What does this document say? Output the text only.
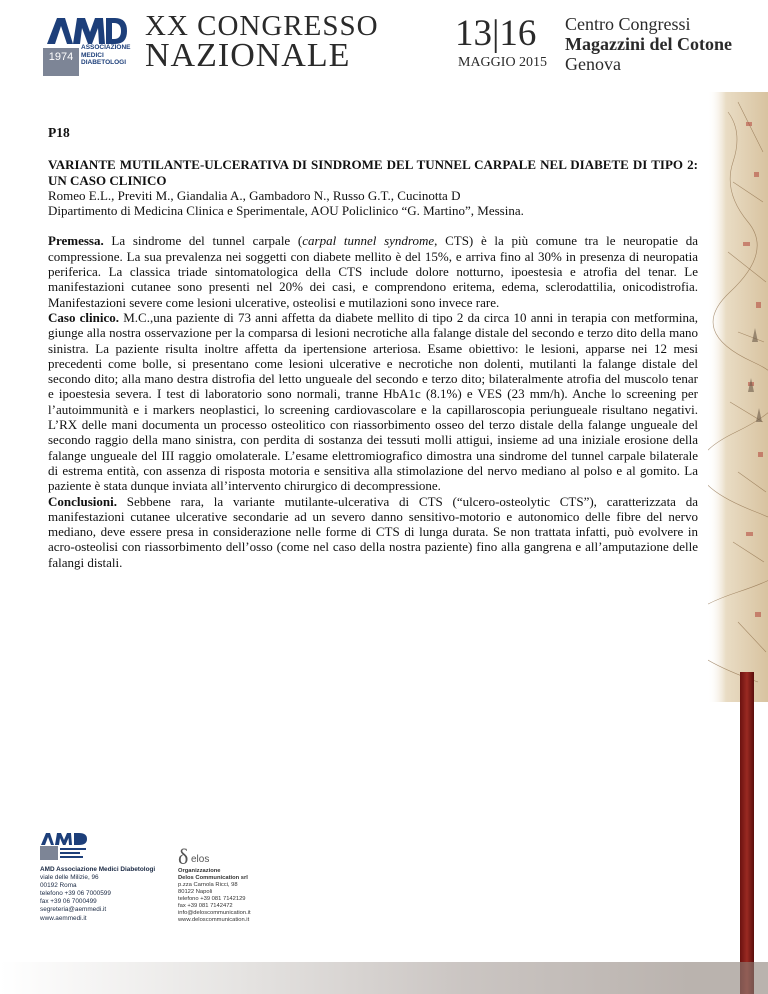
1974
ASSOCIAZIONE
MEDICI
DIABETOLOGI
XX CONGRESSO
NAZIONALE
13|16
MAGGIO 2015
Centro Congressi
Magazzini del Cotone
Genova

P18

VARIANTE MUTILANTE-ULCERATIVA DI SINDROME DEL TUNNEL CARPALE NEL DIABETE DI TIPO 2: UN CASO CLINICO

Romeo E.L., Previti M., Giandalia A., Gambadoro N., Russo G.T., Cucinotta D

Dipartimento di Medicina Clinica e Sperimentale, AOU Policlinico “G. Martino”, Messina.

Premessa. La sindrome del tunnel carpale (carpal tunnel syndrome, CTS) è la più comune tra le neuropatie da compressione. La sua prevalenza nei soggetti con diabete mellito è del 15%, e arriva fino al 30% in presenza di neuropatia periferica. La classica triade sintomatologica della CTS include dolore notturno, ipoestesia e atrofia del tenar. Le manifestazioni cutanee sono presenti nel 20% dei casi, e comprendono eritema, edema, sclerodattilia, onicodistrofia. Manifestazioni severe come lesioni ulcerative, osteolisi e mutilazioni sono invece rare.

Caso clinico. M.C.,una paziente di 73 anni affetta da diabete mellito di tipo 2 da circa 10 anni in terapia con metformina, giunge alla nostra osservazione per la comparsa di lesioni necrotiche alla falange distale del secondo e terzo dito della mano sinistra. La paziente risulta inoltre affetta da ipertensione arteriosa. Esame obiettivo: le lesioni, apparse nei 12 mesi precedenti come bolle, si presentano come lesioni ulcerative e necrotiche non dolenti, mutilanti la falange distale del secondo dito; alla mano destra distrofia del letto ungueale del secondo e terzo dito; bilateralmente atrofia del muscolo tenar e ipoestesia severa. I test di laboratorio sono normali, tranne HbA1c (8.1%) e VES (23 mm/h). Anche lo screening per l’autoimmunità e i markers neoplastici, lo screening cardiovascolare e la capillaroscopia periungueale risultano negativi. L’RX delle mani documenta un processo osteolitico con riassorbimento osseo del terzo distale della falange ungueale del secondo raggio della mano sinistra, con perdita di sostanza dei tessuti molli attigui, insieme ad una iniziale erosione della falange ungueale del III raggio omolaterale. L’esame elettromiografico dimostra una sindrome del tunnel carpale bilaterale di estrema entità, con assenza di risposta motoria e sensitiva alla stimolazione del nervo mediano al polso e al gomito. La paziente è stata dunque inviata all’intervento chirurgico di decompressione.

Conclusioni. Sebbene rara, la variante mutilante-ulcerativa di CTS (“ulcero-osteolytic CTS”), caratterizzata da manifestazioni cutanee ulcerative secondarie ad un severo danno sensitivo-motorio e autonomico delle fibre del nervo mediano, deve essere presa in considerazione nelle forme di CTS di lunga durata. Se non trattata infatti, può evolvere in acro-osteolisi con riassorbimento dell’osso (come nel caso della nostra paziente) fino alla gangrena e all’amputazione delle falangi distali.

AMD Associazione Medici Diabetologi
viale delle Milizie, 96
00192 Roma
telefono +39 06 7000599
fax +39 06 7000499
segreteria@aemmedi.it
www.aemmedi.it
δ elos
Organizzazione
Delos Communication srl
p.zza Carnola Ricci, 98
80122 Napoli
telefono +39 081 7142129
fax +39 081 7142472
info@deloscommunication.it
www.deloscommunication.it
